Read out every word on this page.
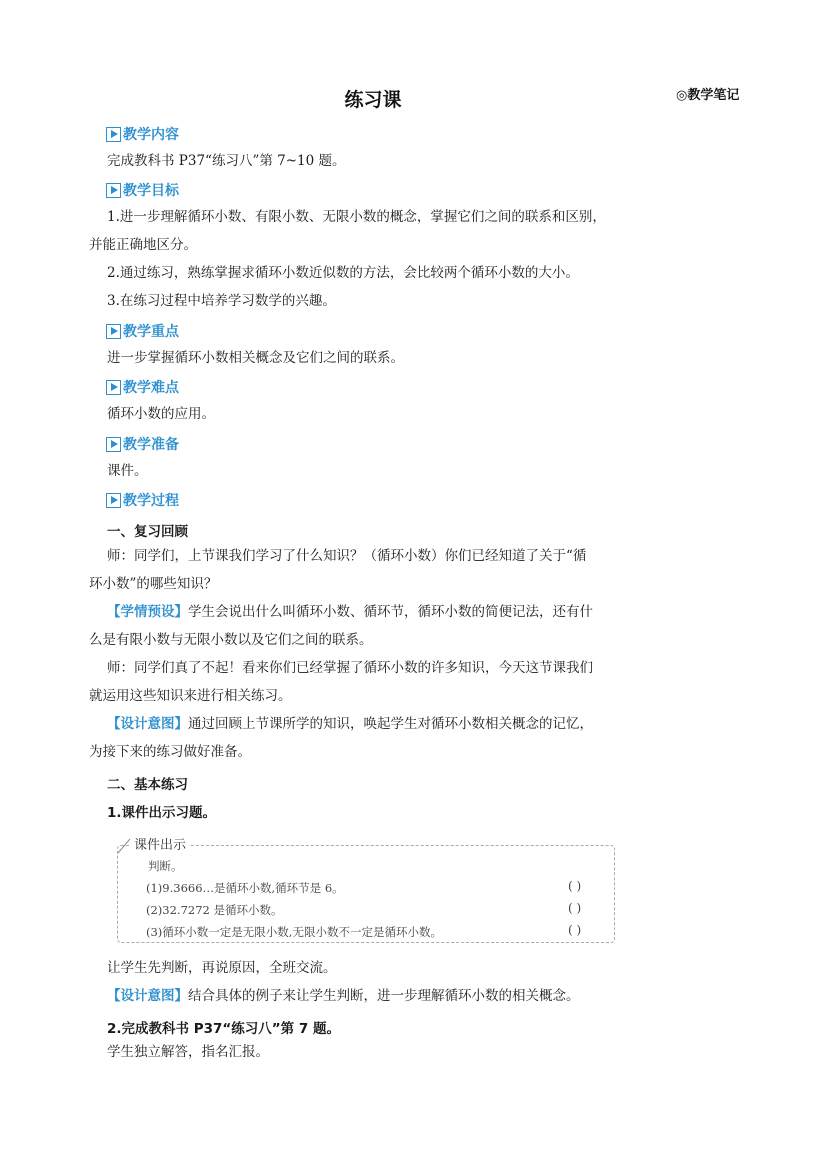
练习课	◎教学笔记
教学内容
完成教科书 P37“练习八”第 7~10 题。
教学目标
1.进一步理解循环小数、有限小数、无限小数的概念，掌握它们之间的联系和区别，
并能正确地区分。
2.通过练习，熟练掌握求循环小数近似数的方法，会比较两个循环小数的大小。
3.在练习过程中培养学习数学的兴趣。
教学重点
进一步掌握循环小数相关概念及它们之间的联系。
教学难点
循环小数的应用。
教学准备
课件。
教学过程
一、复习回顾
师：同学们，上节课我们学习了什么知识？（循环小数）你们已经知道了关于“循
环小数”的哪些知识？
【学情预设】学生会说出什么叫循环小数、循环节，循环小数的简便记法，还有什
么是有限小数与无限小数以及它们之间的联系。
师：同学们真了不起！看来你们已经掌握了循环小数的许多知识，今天这节课我们
就运用这些知识来进行相关练习。
【设计意图】通过回顾上节课所学的知识，唤起学生对循环小数相关概念的记忆，
为接下来的练习做好准备。
二、基本练习
1.课件出示习题。
课件出示
判断。
(1)9.3666…是循环小数,循环节是 6。	( )
(2)32.7272 是循环小数。	( )
(3)循环小数一定是无限小数,无限小数不一定是循环小数。	( )
让学生先判断，再说原因，全班交流。
【设计意图】结合具体的例子来让学生判断，进一步理解循环小数的相关概念。
2.完成教科书 P37“练习八”第 7 题。
学生独立解答，指名汇报。
